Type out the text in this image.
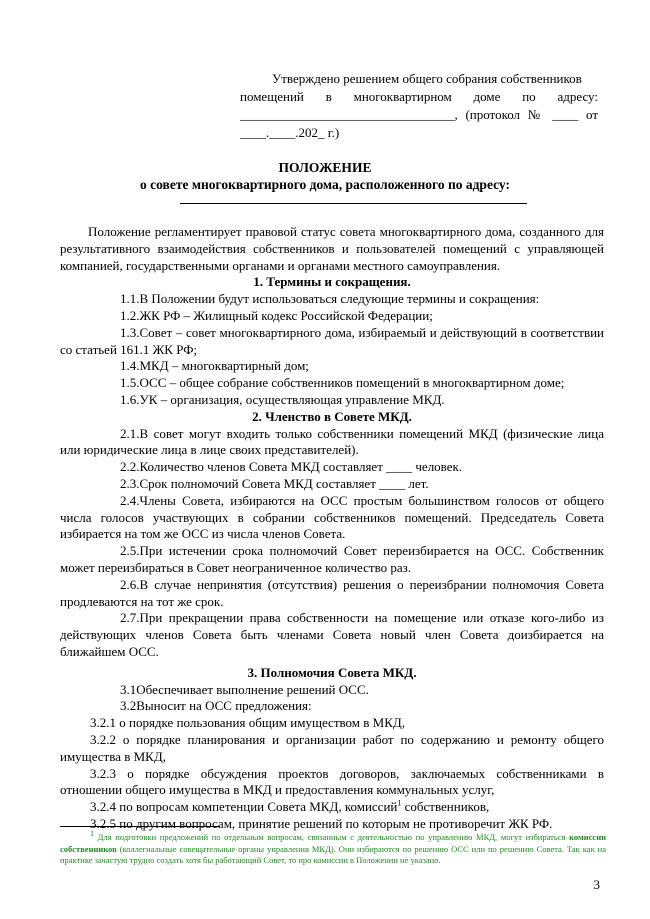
Утверждено решением общего собрания собственников

помещений в многоквартирном доме по адресу:

_________________________________, (протокол № ____ от

____.____.202_ г.)

ПОЛОЖЕНИЕ
о совете многоквартирного дома, расположенного по адресу:

Положение регламентирует правовой статус совета многоквартирного дома, созданного для результативного взаимодействия собственников и пользователей помещений с управляющей компанией, государственными органами и органами местного самоуправления.

1. Термины и сокращения.

1.1.В Положении будут использоваться следующие термины и сокращения:

1.2.ЖК РФ – Жилищный кодекс Российской Федерации;

1.3.Совет – совет многоквартирного дома, избираемый и действующий в соответствии со статьей 161.1 ЖК РФ;

1.4.МКД – многоквартирный дом;

1.5.ОСС – общее собрание собственников помещений в многоквартирном доме;

1.6.УК – организация, осуществляющая управление МКД.

2. Членство в Совете МКД.

2.1.В совет могут входить только собственники помещений МКД (физические лица или юридические лица в лице своих представителей).

2.2.Количество членов Совета МКД составляет ____ человек.

2.3.Срок полномочий Совета МКД составляет ____ лет.

2.4.Члены Совета, избираются на ОСС простым большинством голосов от общего числа голосов участвующих в собрании собственников помещений. Председатель Совета избирается на том же ОСС из числа членов Совета.

2.5.При истечении срока полномочий Совет переизбирается на ОСС. Собственник может переизбираться в Совет неограниченное количество раз.

2.6.В случае непринятия (отсутствия) решения о переизбрании полномочия Совета продлеваются на тот же срок.

2.7.При прекращении права собственности на помещение или отказе кого-либо из действующих членов Совета быть членами Совета новый член Совета доизбирается на ближайшем ОСС.

3. Полномочия Совета МКД.

3.1Обеспечивает выполнение решений ОСС.

3.2Выносит на ОСС предложения:

3.2.1 о порядке пользования общим имуществом в МКД,

3.2.2 о порядке планирования и организации работ по содержанию и ремонту общего имущества в МКД,

3.2.3 о порядке обсуждения проектов договоров, заключаемых собственниками в отношении общего имущества в МКД и предоставления коммунальных услуг,

3.2.4 по вопросам компетенции Совета МКД, комиссий$^1$ собственников,

3.2.5 по другим вопросам, принятие решений по которым не противоречит ЖК РФ.

$^1$ Для подготовки предложений по отдельным вопросам, связанным с деятельностью по управлению МКД, могут избираться комиссии собственников (коллегиальные совещательные органы управления МКД). Они избираются по решению ОСС или по решению Совета. Так как на практике зачастую трудно создать хотя бы работающий Совет, то про комиссии в Положении не указано.

3
